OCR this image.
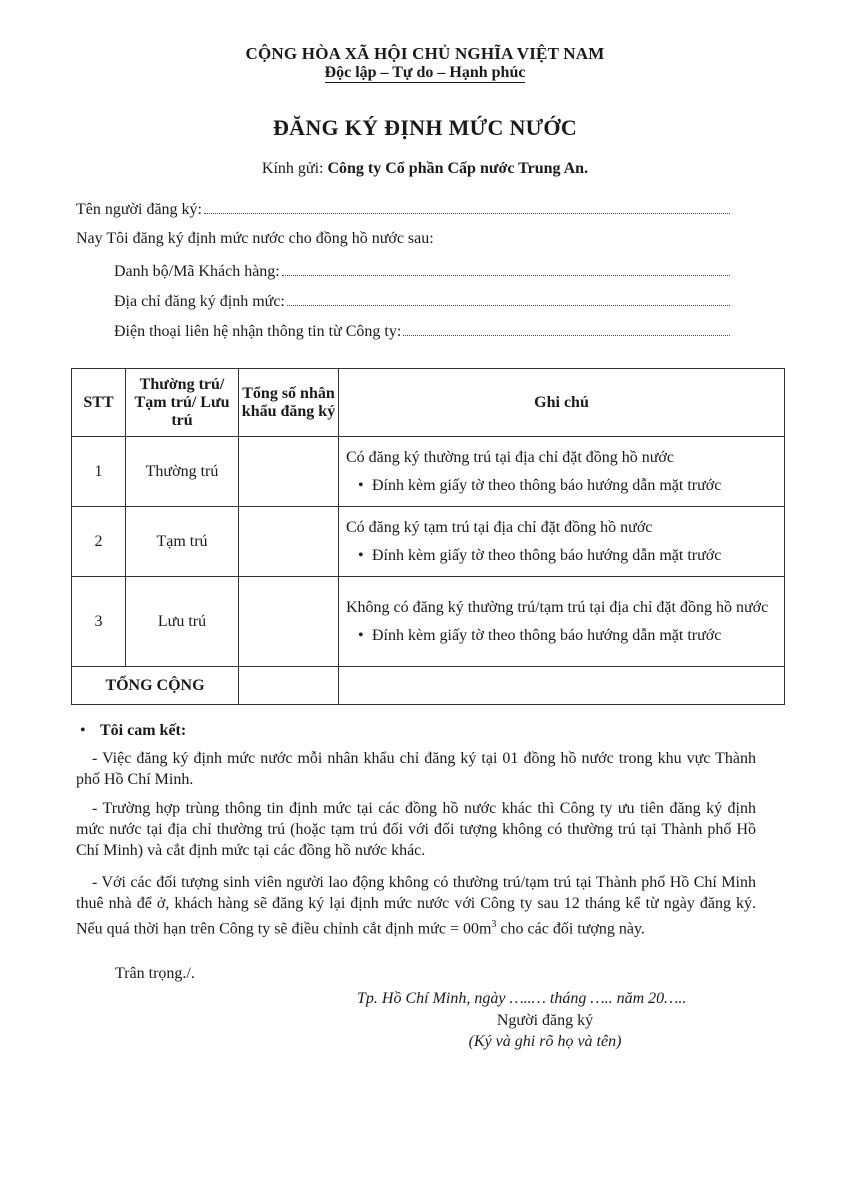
CỘNG HÒA XÃ HỘI CHỦ NGHĨA VIỆT NAM
Độc lập – Tự do – Hạnh phúc
ĐĂNG KÝ ĐỊNH MỨC NƯỚC
Kính gửi: Công ty Cổ phần Cấp nước Trung An.
Tên người đăng ký:
Nay Tôi đăng ký định mức nước cho đồng hồ nước sau:
Danh bộ/Mã Khách hàng:
Địa chỉ đăng ký định mức:
Điện thoại liên hệ nhận thông tin từ Công ty:
STT	Thường trú/ Tạm trú/ Lưu trú	Tổng số nhân khẩu đăng ký	Ghi chú
1	Thường trú		Có đăng ký thường trú tại địa chỉ đặt đồng hồ nước
• Đính kèm giấy tờ theo thông báo hướng dẫn mặt trước

2	Tạm trú		Có đăng ký tạm trú tại địa chỉ đặt đồng hồ nước
• Đính kèm giấy tờ theo thông báo hướng dẫn mặt trước

3	Lưu trú		Không có đăng ký thường trú/tạm trú tại địa chỉ đặt đồng hồ nước
• Đính kèm giấy tờ theo thông báo hướng dẫn mặt trước

TỔNG CỘNG			
• Tôi cam kết:
- Việc đăng ký định mức nước mỗi nhân khẩu chỉ đăng ký tại 01 đồng hồ nước trong khu vực Thành phố Hồ Chí Minh.
- Trường hợp trùng thông tin định mức tại các đồng hồ nước khác thì Công ty ưu tiên đăng ký định mức nước tại địa chỉ thường trú (hoặc tạm trú đối với đối tượng không có thường trú tại Thành phố Hồ Chí Minh) và cắt định mức tại các đồng hồ nước khác.
- Với các đối tượng sinh viên người lao động không có thường trú/tạm trú tại Thành phố Hồ Chí Minh thuê nhà để ở, khách hàng sẽ đăng ký lại định mức nước với Công ty sau 12 tháng kể từ ngày đăng ký. Nếu quá thời hạn trên Công ty sẽ điều chỉnh cắt định mức = $00m^3$ cho các đối tượng này.
Trân trọng./.
Tp. Hồ Chí Minh, ngày …..… tháng ….. năm 20…..
Người đăng ký
(Ký và ghi rõ họ và tên)
